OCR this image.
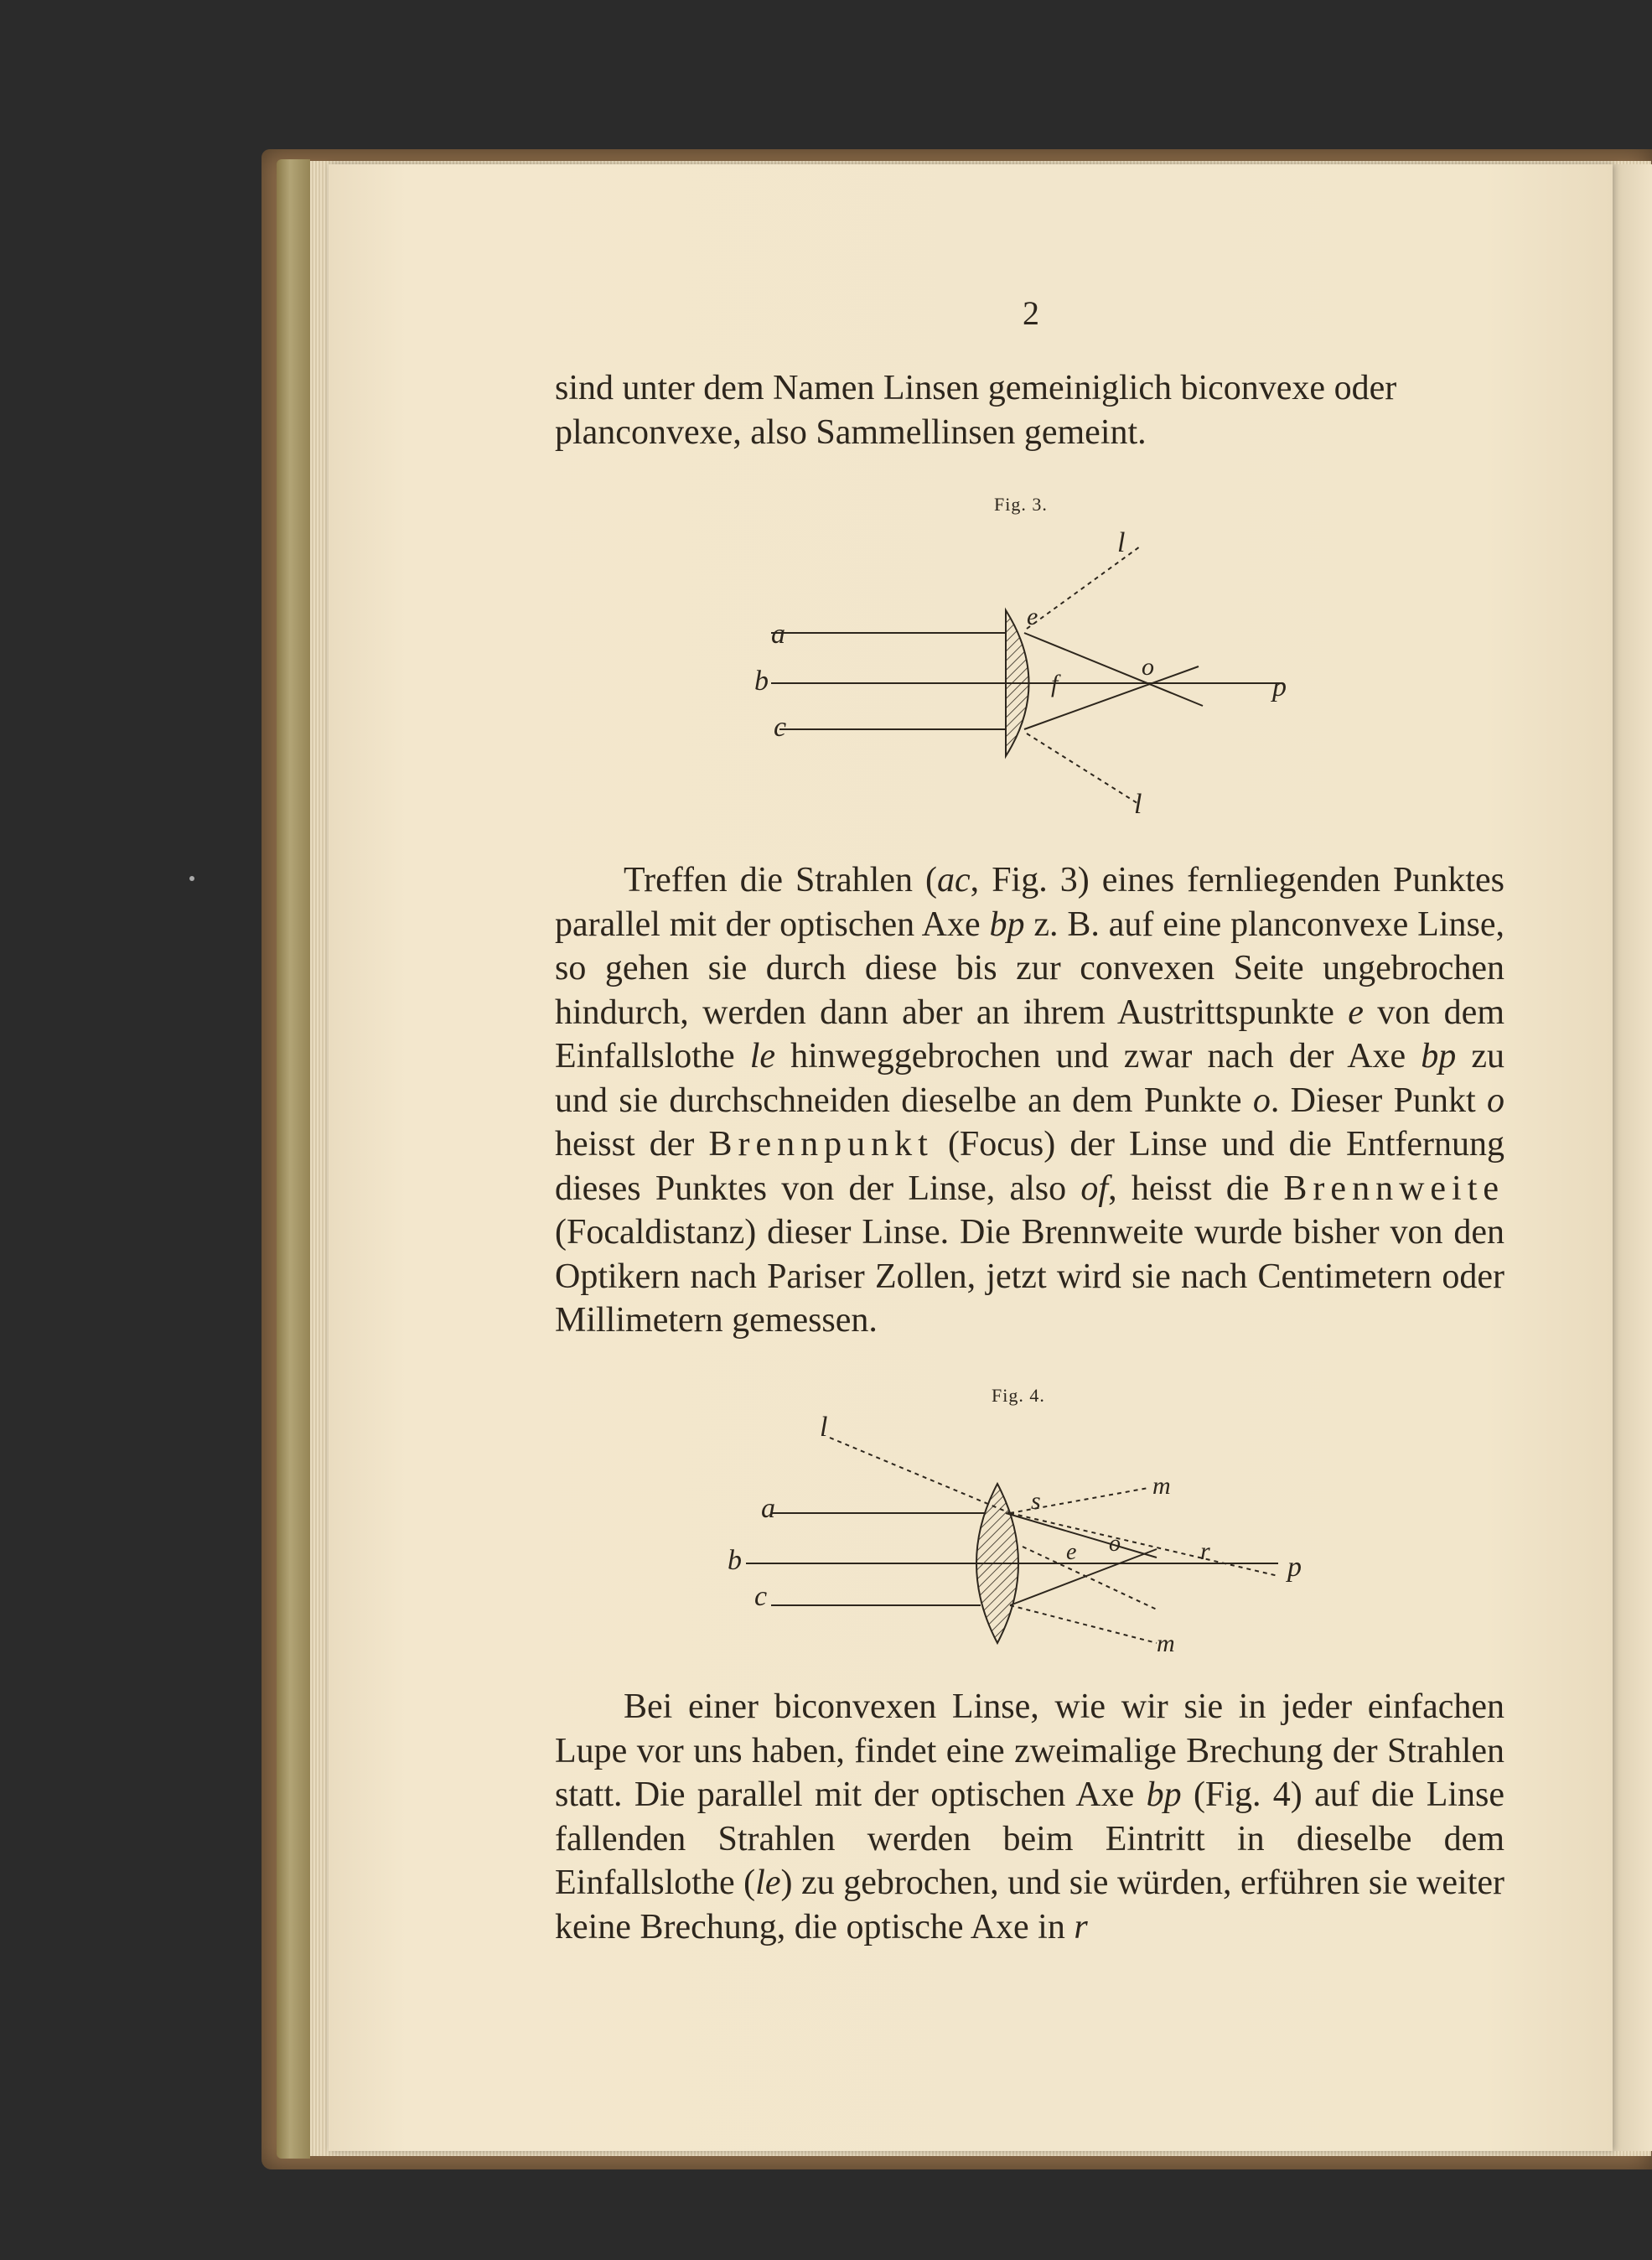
2

sind unter dem Namen Linsen gemeiniglich biconvexe oder

planconvexe, also Sammellinsen gemeint.

Fig. 3.

l
a
b
c
e
f
o
p
l

Treffen die Strahlen (ac, Fig. 3) eines fernliegenden Punktes parallel mit der optischen Axe bp z. B. auf eine planconvexe Linse, so gehen sie durch diese bis zur convexen Seite ungebrochen hindurch, werden dann aber an ihrem Austrittspunkte e von dem Einfallslothe le hinweggebrochen und zwar nach der Axe bp zu und sie durchschneiden dieselbe an dem Punkte o. Dieser Punkt o heisst der Brennpunkt (Focus) der Linse und die Entfernung dieses Punktes von der Linse, also of, heisst die Brennweite (Focaldistanz) dieser Linse. Die Brennweite wurde bisher von den Optikern nach Pariser Zollen, jetzt wird sie nach Centimetern oder Millimetern gemessen.

Fig. 4.

l
a
b
c
s
m
e o	r
p
m

Bei einer biconvexen Linse, wie wir sie in jeder einfachen Lupe vor uns haben, findet eine zweimalige Brechung der Strahlen statt. Die parallel mit der optischen Axe bp (Fig. 4) auf die Linse fallenden Strahlen werden beim Eintritt in dieselbe dem Einfallslothe (le) zu gebrochen, und sie würden, erführen sie weiter keine Brechung, die optische Axe in r
